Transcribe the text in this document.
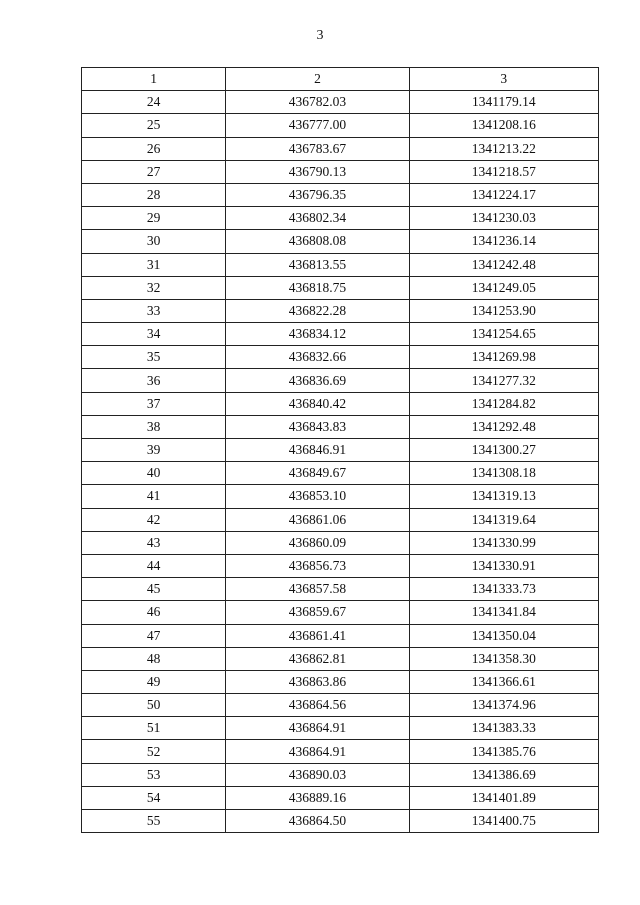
3
1	2	3
24	436782.03	1341179.14
25	436777.00	1341208.16
26	436783.67	1341213.22
27	436790.13	1341218.57
28	436796.35	1341224.17
29	436802.34	1341230.03
30	436808.08	1341236.14
31	436813.55	1341242.48
32	436818.75	1341249.05
33	436822.28	1341253.90
34	436834.12	1341254.65
35	436832.66	1341269.98
36	436836.69	1341277.32
37	436840.42	1341284.82
38	436843.83	1341292.48
39	436846.91	1341300.27
40	436849.67	1341308.18
41	436853.10	1341319.13
42	436861.06	1341319.64
43	436860.09	1341330.99
44	436856.73	1341330.91
45	436857.58	1341333.73
46	436859.67	1341341.84
47	436861.41	1341350.04
48	436862.81	1341358.30
49	436863.86	1341366.61
50	436864.56	1341374.96
51	436864.91	1341383.33
52	436864.91	1341385.76
53	436890.03	1341386.69
54	436889.16	1341401.89
55	436864.50	1341400.75
